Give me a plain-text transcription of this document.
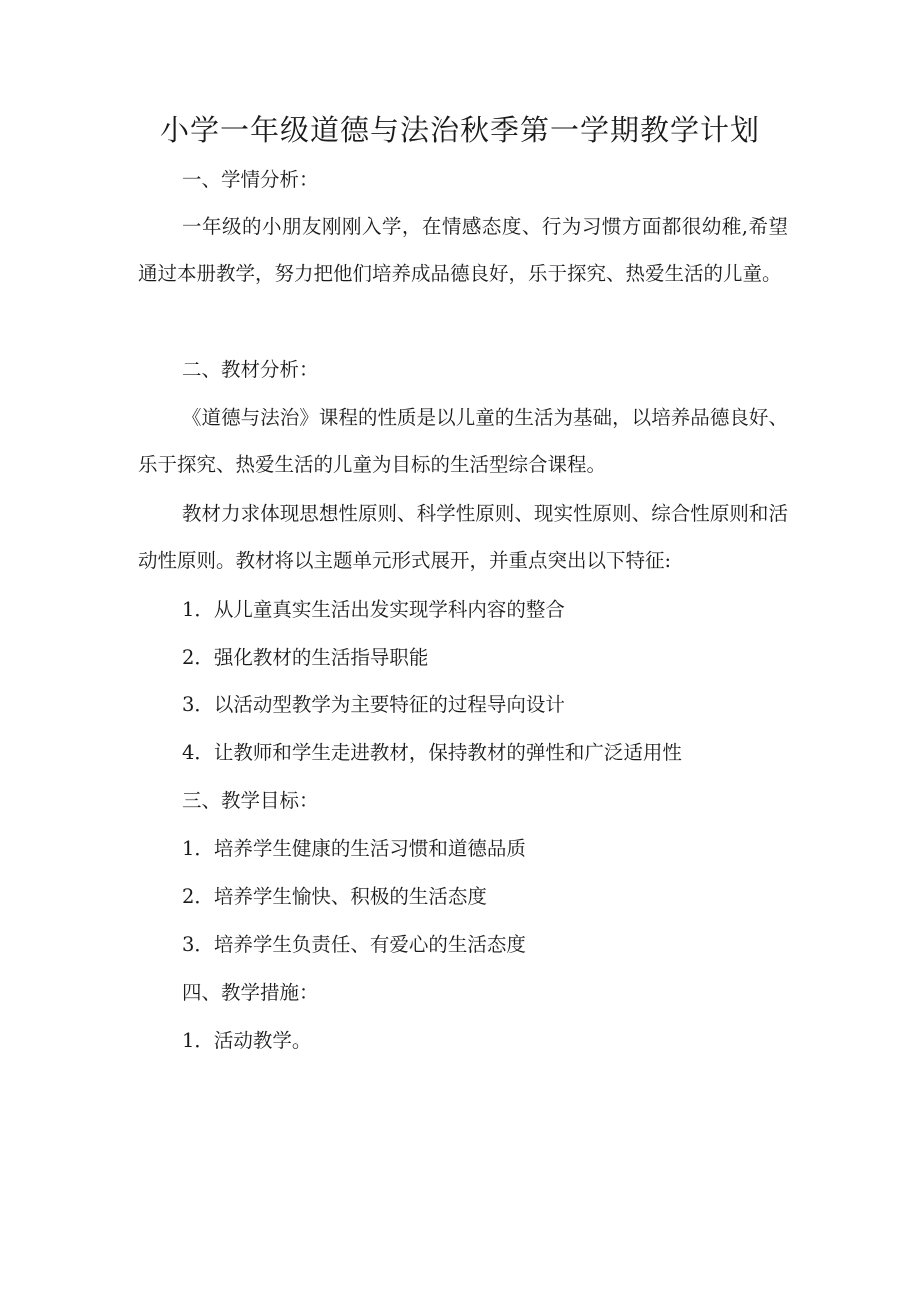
小学一年级道德与法治秋季第一学期教学计划
一、学情分析：

一年级的小朋友刚刚入学，在情感态度、行为习惯方面都很幼稚,希望通过本册教学，努力把他们培养成品德良好，乐于探究、热爱生活的儿童。

二、教材分析：

《道德与法治》课程的性质是以儿童的生活为基础，以培养品德良好、乐于探究、热爱生活的儿童为目标的生活型综合课程。

教材力求体现思想性原则、科学性原则、现实性原则、综合性原则和活动性原则。教材将以主题单元形式展开，并重点突出以下特征:

1．从儿童真实生活出发实现学科内容的整合
2．强化教材的生活指导职能
3．以活动型教学为主要特征的过程导向设计
4．让教师和学生走进教材，保持教材的弹性和广泛适用性
三、教学目标：
1．培养学生健康的生活习惯和道德品质
2．培养学生愉快、积极的生活态度
3．培养学生负责任、有爱心的生活态度
四、教学措施：
1．活动教学。
